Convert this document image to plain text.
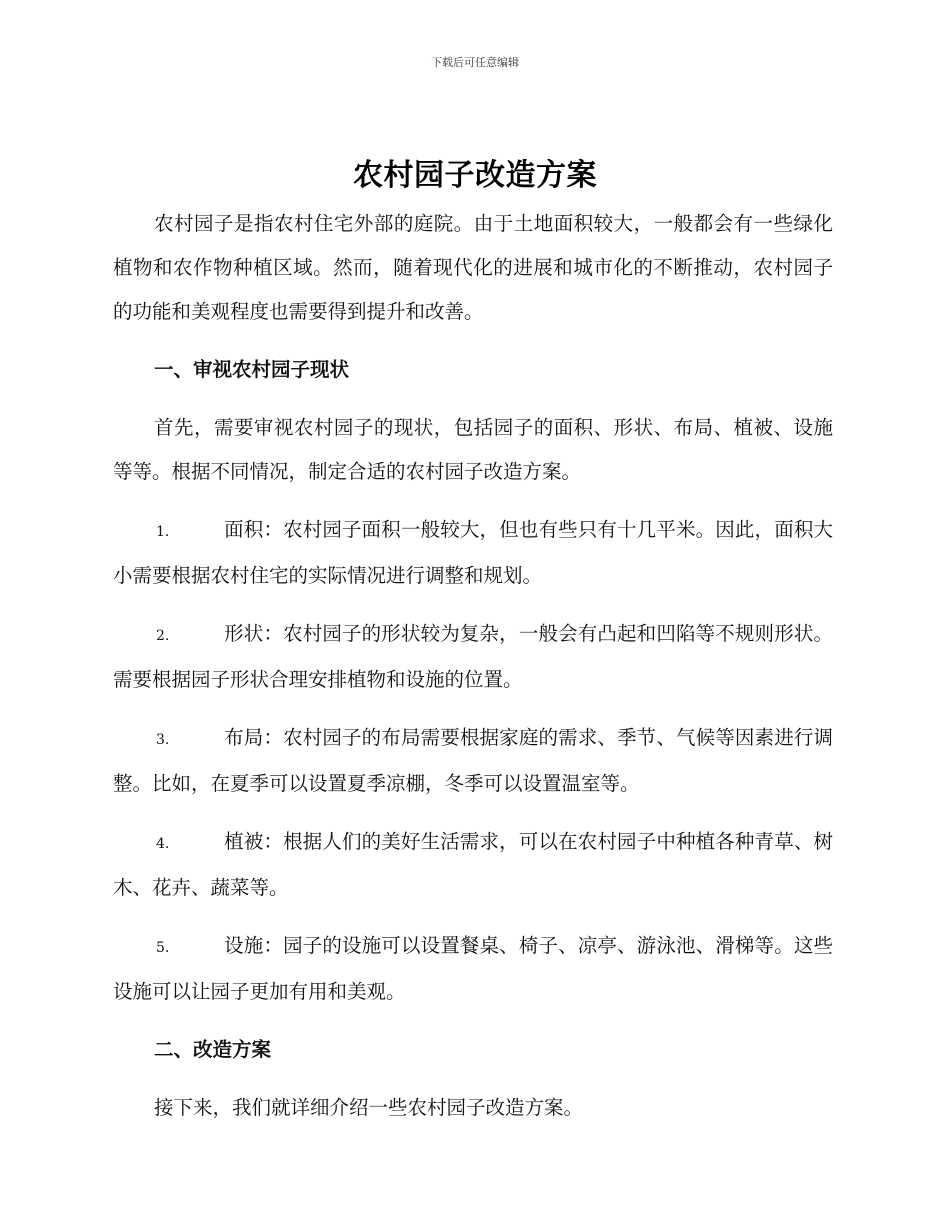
下载后可任意编辑
农村园子改造方案

农村园子是指农村住宅外部的庭院。由于土地面积较大，一般都会有一些绿化植物和农作物种植区域。然而，随着现代化的进展和城市化的不断推动，农村园子的功能和美观程度也需要得到提升和改善。

一、审视农村园子现状

首先，需要审视农村园子的现状，包括园子的面积、形状、布局、植被、设施等等。根据不同情况，制定合适的农村园子改造方案。

1.	面积：农村园子面积一般较大，但也有些只有十几平米。因此，面积大小需要根据农村住宅的实际情况进行调整和规划。

2.	形状：农村园子的形状较为复杂，一般会有凸起和凹陷等不规则形状。需要根据园子形状合理安排植物和设施的位置。

3.	布局：农村园子的布局需要根据家庭的需求、季节、气候等因素进行调整。比如，在夏季可以设置夏季凉棚，冬季可以设置温室等。

4.	植被：根据人们的美好生活需求，可以在农村园子中种植各种青草、树木、花卉、蔬菜等。

5.	设施：园子的设施可以设置餐桌、椅子、凉亭、游泳池、滑梯等。这些设施可以让园子更加有用和美观。

二、改造方案

接下来，我们就详细介绍一些农村园子改造方案。
